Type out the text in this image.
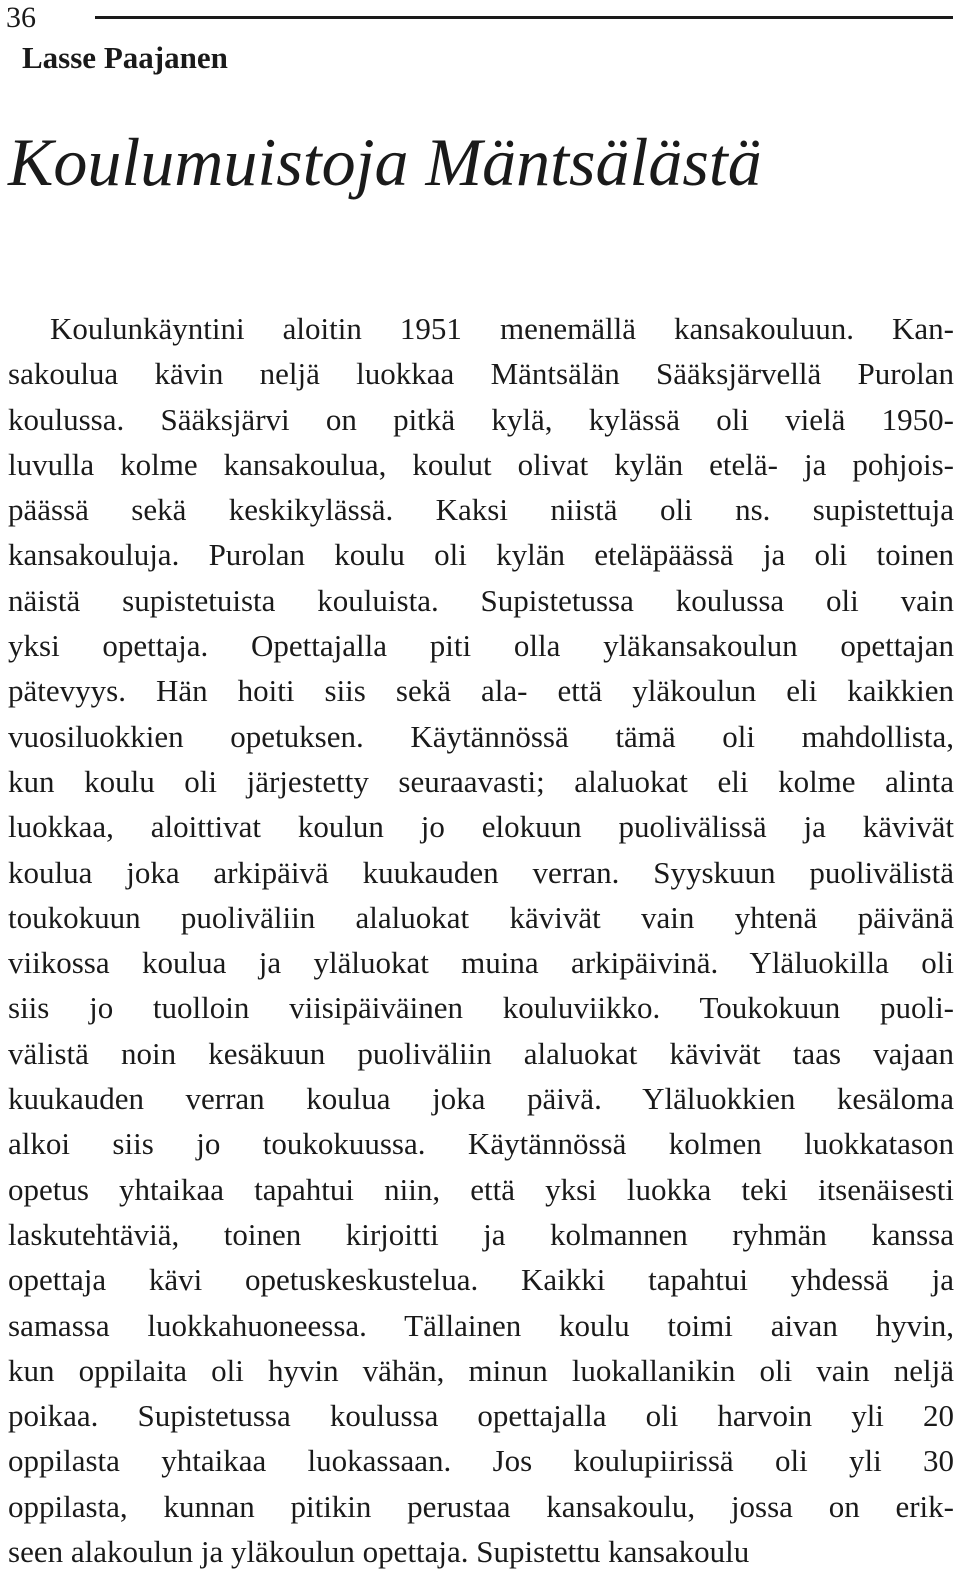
36
Lasse Paajanen
Koulumuistoja Mäntsälästä
Koulunkäyntini aloitin 1951 menemällä kansakouluun. Kan-
sakoulua kävin neljä luokkaa Mäntsälän Sääksjärvellä Purolan
koulussa. Sääksjärvi on pitkä kylä, kylässä oli vielä 1950-
luvulla kolme kansakoulua, koulut olivat kylän etelä- ja pohjois-
päässä sekä keskikylässä. Kaksi niistä oli ns. supistettuja
kansakouluja. Purolan koulu oli kylän eteläpäässä ja oli toinen
näistä supistetuista kouluista. Supistetussa koulussa oli vain
yksi opettaja. Opettajalla piti olla yläkansakoulun opettajan
pätevyys. Hän hoiti siis sekä ala- että yläkoulun eli kaikkien
vuosiluokkien opetuksen. Käytännössä tämä oli mahdollista,
kun koulu oli järjestetty seuraavasti; alaluokat eli kolme alinta
luokkaa, aloittivat koulun jo elokuun puolivälissä ja kävivät
koulua joka arkipäivä kuukauden verran. Syyskuun puolivälistä
toukokuun puoliväliin alaluokat kävivät vain yhtenä päivänä
viikossa koulua ja yläluokat muina arkipäivinä. Yläluokilla oli
siis jo tuolloin viisipäiväinen kouluviikko. Toukokuun puoli-
välistä noin kesäkuun puoliväliin alaluokat kävivät taas vajaan
kuukauden verran koulua joka päivä. Yläluokkien kesäloma
alkoi siis jo toukokuussa. Käytännössä kolmen luokkatason
opetus yhtaikaa tapahtui niin, että yksi luokka teki itsenäisesti
laskutehtäviä, toinen kirjoitti ja kolmannen ryhmän kanssa
opettaja kävi opetuskeskustelua. Kaikki tapahtui yhdessä ja
samassa luokkahuoneessa. Tällainen koulu toimi aivan hyvin,
kun oppilaita oli hyvin vähän, minun luokallanikin oli vain neljä
poikaa. Supistetussa koulussa opettajalla oli harvoin yli 20
oppilasta yhtaikaa luokassaan. Jos koulupiirissä oli yli 30
oppilasta, kunnan pitikin perustaa kansakoulu, jossa on erik-
seen alakoulun ja yläkoulun opettaja. Supistettu kansakoulu
